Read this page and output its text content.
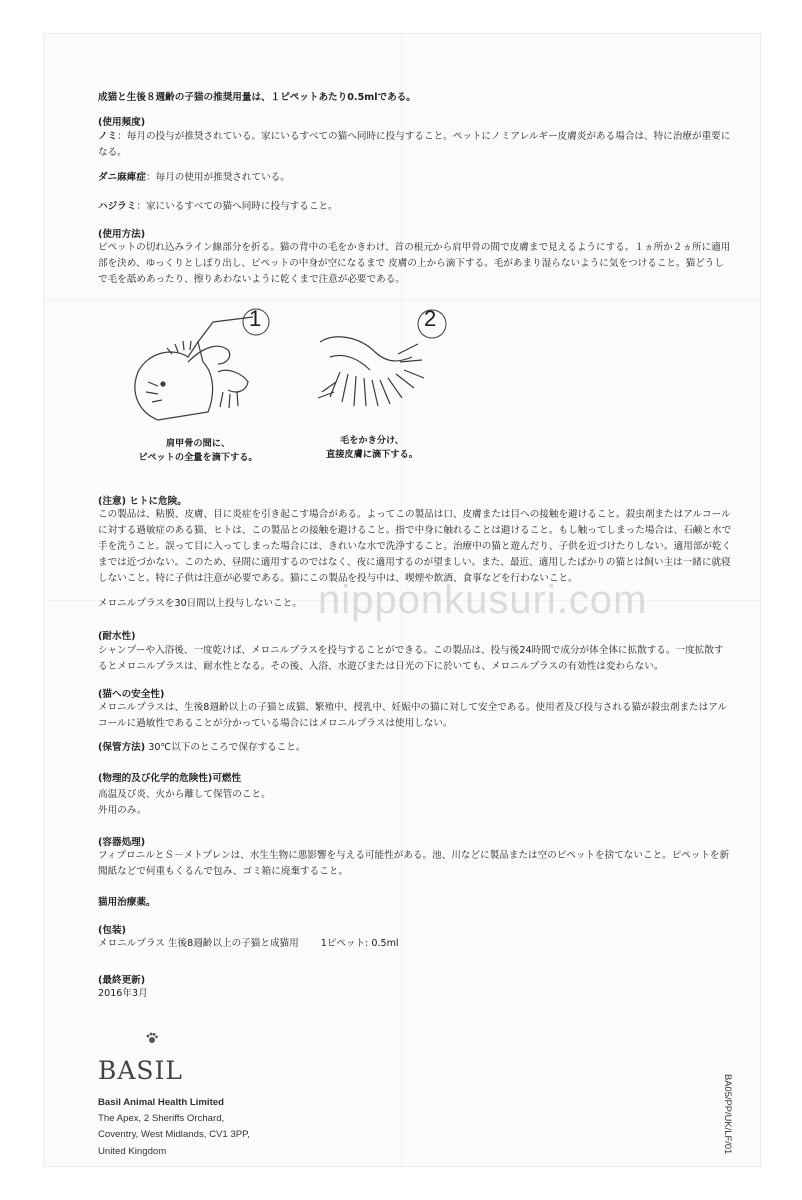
成猫と生後８週齢の子猫の推奨用量は、１ピペットあたり0.5mlである。

(使用頻度)

ノミ：毎月の投与が推奨されている。家にいるすべての猫へ同時に投与すること。ペットにノミアレルギー皮膚炎がある場合は、特に治療が重要になる。

ダニ麻痺症：毎月の使用が推奨されている。

ハジラミ：家にいるすべての猫へ同時に投与すること。

(使用方法)

ピペットの切れ込みライン線部分を折る。猫の背中の毛をかきわけ、首の根元から肩甲骨の間で皮膚まで見えるようにする。１ヵ所か２ヵ所に適用部を決め、ゆっくりとしぼり出し、ピペットの中身が空になるまで 皮膚の上から滴下する。毛があまり湿らないように気をつけること。猫どうしで毛を舐めあったり、擦りあわないように乾くまで注意が必要である。

1
肩甲骨の間に、
ピペットの全量を滴下する。
2
毛をかき分け、
直接皮膚に滴下する。

(注意) ヒトに危険。

この製品は、粘膜、皮膚、目に炎症を引き起こす場合がある。よってこの製品は口、皮膚または目への接触を避けること。殺虫剤またはアルコールに対する過敏症のある猫、ヒトは、この製品との接触を避けること。指で中身に触れることは避けること。もし触ってしまった場合は、石鹸と水で手を洗うこと。誤って目に入ってしまった場合には、きれいな水で洗浄すること。治療中の猫と遊んだり、子供を近づけたりしない。適用部が乾くまでは近づかない。このため、昼間に適用するのではなく、夜に適用するのが望ましい。また、最近、適用したばかりの猫とは飼い主は一緒に就寝しないこと。特に子供は注意が必要である。猫にこの製品を投与中は、喫煙や飲酒、食事などを行わないこと。

メロニルプラスを30日間以上投与しないこと。 nipponkusuri.com

(耐水性)

シャンプーや入浴後、一度乾けば、メロニルプラスを投与することができる。この製品は、投与後24時間で成分が体全体に拡散する。一度拡散するとメロニルプラスは、耐水性となる。その後、入浴、水遊びまたは日光の下に於いても、メロニルプラスの有効性は変わらない。

(猫への安全性)

メロニルプラスは、生後8週齢以上の子猫と成猫、繁殖中、授乳中、妊娠中の猫に対して安全である。使用者及び投与される猫が殺虫剤またはアルコールに過敏性であることが分かっている場合にはメロニルプラスは使用しない。

(保管方法) 30℃以下のところで保存すること。

(物理的及び化学的危険性)可燃性

高温及び炎、火から離して保管のこと。

外用のみ。

(容器処理)

フィプロニルとＳ－メトプレンは、水生生物に悪影響を与える可能性がある。池、川などに製品または空のピペットを捨てないこと。ピペットを新聞紙などで何重もくるんで包み、ゴミ箱に廃棄すること。

猫用治療薬。

(包装)

メロニルプラス 生後8週齢以上の子猫と成猫用 1ピペット: 0.5ml

(最終更新)

2016年3月

BASIL
Basil Animal Health Limited
The Apex, 2 Sheriffs Orchard,
Coventry, West Midlands, CV1 3PP,
United Kingdom	BA05/PP/UK/LF/01
